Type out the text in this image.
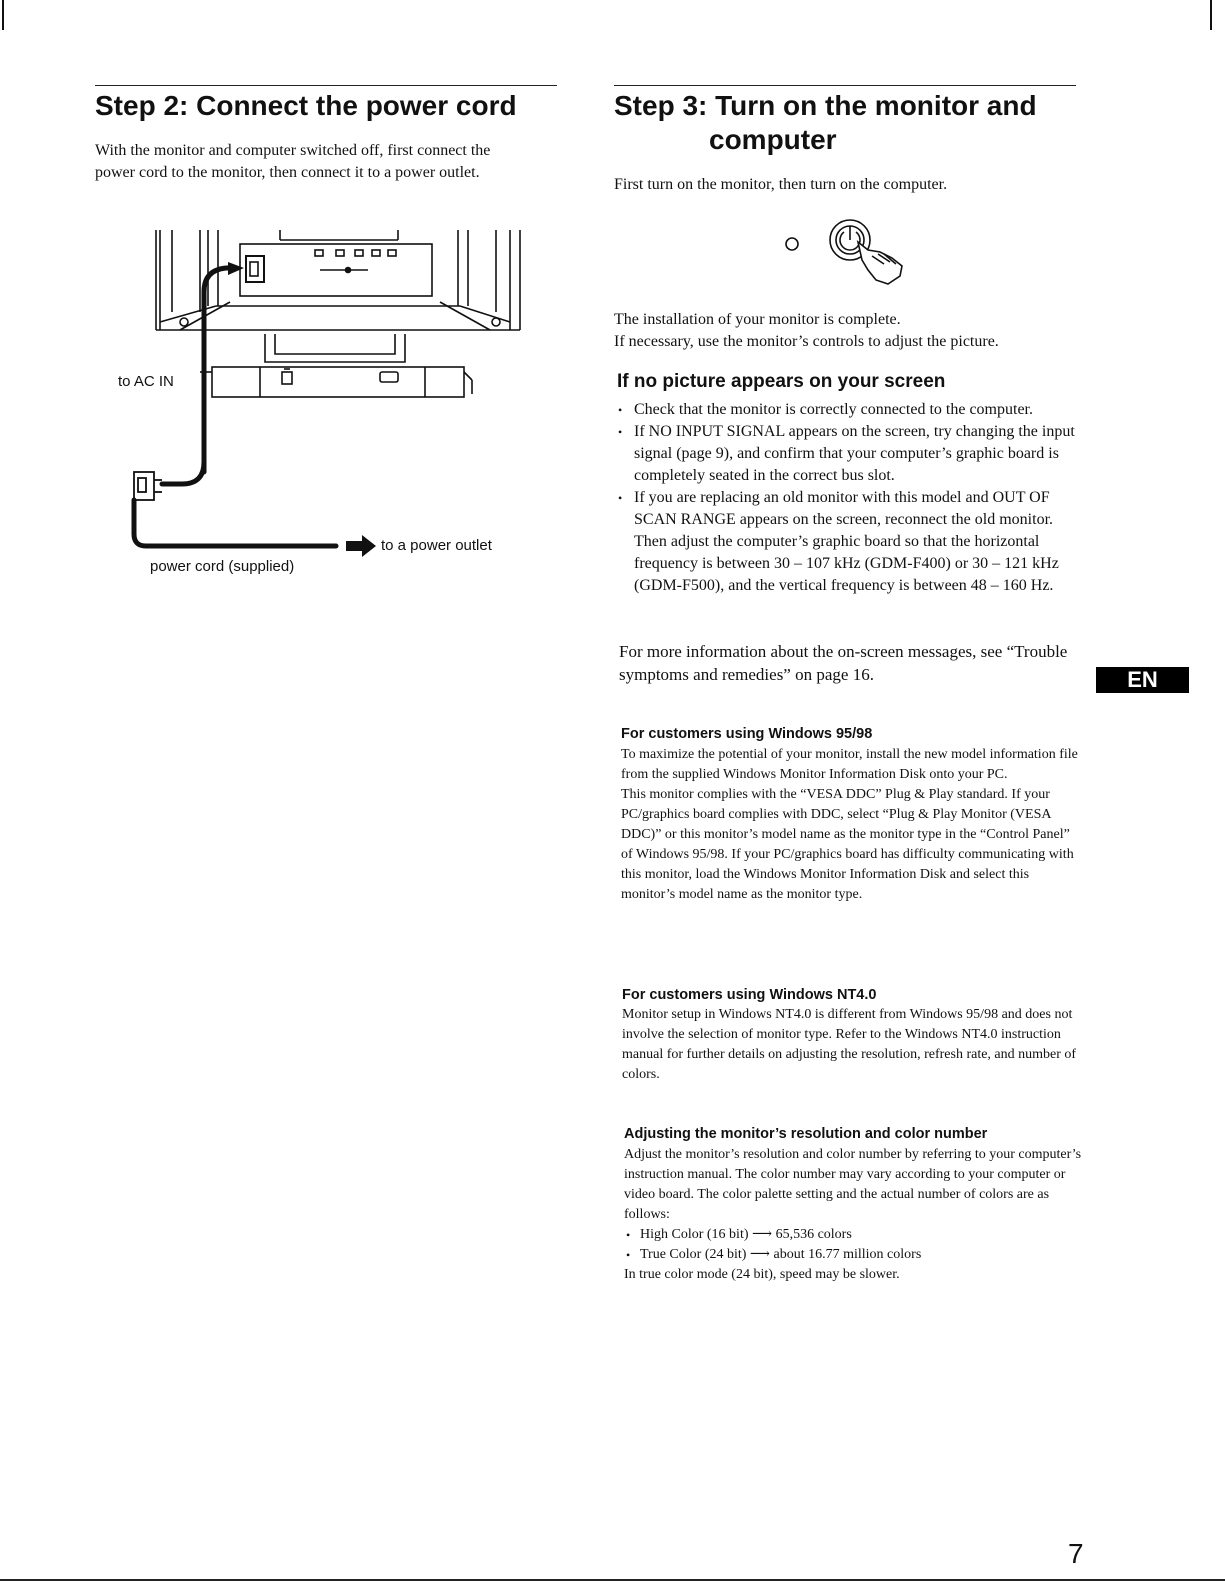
Step 2: Connect the power cord
With the monitor and computer switched off, first connect the
power cord to the monitor, then connect it to a power outlet.
to AC IN
to a power outlet
power cord (supplied)
Step 3: Turn on the monitor and
computer
First turn on the monitor, then turn on the computer.
The installation of your monitor is complete.
If necessary, use the monitor’s controls to adjust the picture.
If no picture appears on your screen
• Check that the monitor is correctly connected to the computer.
• If NO INPUT SIGNAL appears on the screen, try changing the input signal (page 9), and confirm that your computer’s graphic board is completely seated in the correct bus slot.
• If you are replacing an old monitor with this model and OUT OF SCAN RANGE appears on the screen, reconnect the old monitor. Then adjust the computer’s graphic board so that the horizontal frequency is between 30 – 107 kHz (GDM-F400) or 30 – 121 kHz (GDM-F500), and the vertical frequency is between 48 – 160 Hz.
For more information about the on-screen messages, see “Trouble symptoms and remedies” on page 16.	EN
For customers using Windows 95/98
To maximize the potential of your monitor, install the new model information file from the supplied Windows Monitor Information Disk onto your PC.
This monitor complies with the “VESA DDC” Plug & Play standard. If your PC/graphics board complies with DDC, select “Plug & Play Monitor (VESA DDC)” or this monitor’s model name as the monitor type in the “Control Panel” of Windows 95/98. If your PC/graphics board has difficulty communicating with this monitor, load the Windows Monitor Information Disk and select this monitor’s model name as the monitor type.
For customers using Windows NT4.0
Monitor setup in Windows NT4.0 is different from Windows 95/98 and does not involve the selection of monitor type. Refer to the Windows NT4.0 instruction manual for further details on adjusting the resolution, refresh rate, and number of colors.
Adjusting the monitor’s resolution and color number
Adjust the monitor’s resolution and color number by referring to your computer’s instruction manual. The color number may vary according to your computer or video board. The color palette setting and the actual number of colors are as follows:
• High Color (16 bit) ⟶ 65,536 colors
• True Color (24 bit) ⟶ about 16.77 million colors
In true color mode (24 bit), speed may be slower.
7
